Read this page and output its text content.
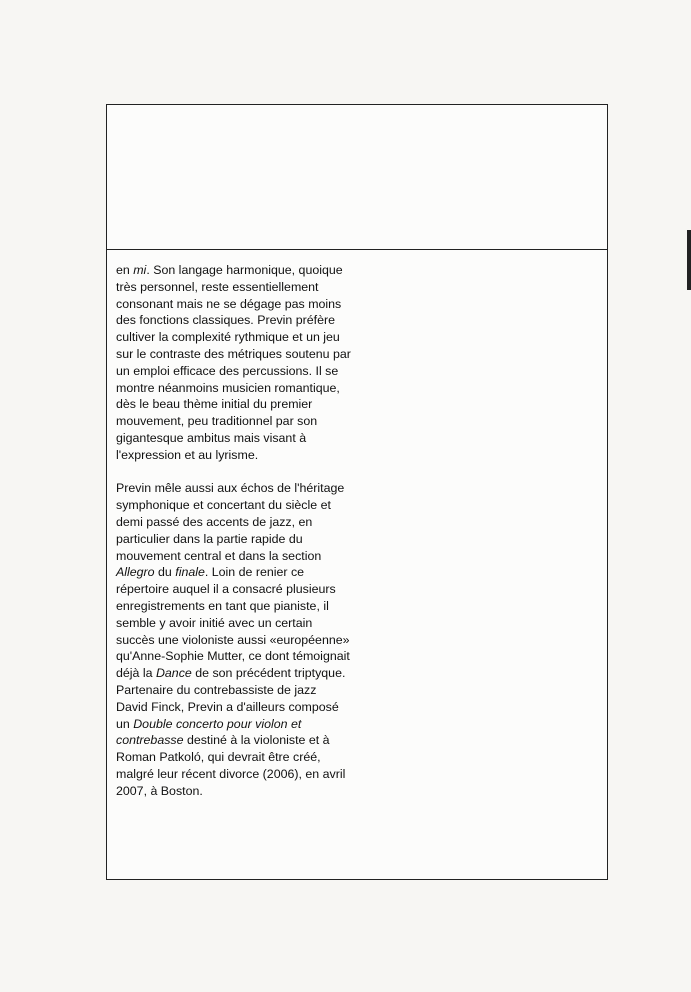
en mi. Son langage harmonique, quoique très personnel, reste essentiellement consonant mais ne se dégage pas moins des fonctions classiques. Previn préfère cultiver la complexité rythmique et un jeu sur le contraste des métriques soutenu par un emploi efficace des percussions. Il se montre néanmoins musicien romantique, dès le beau thème initial du premier mouvement, peu traditionnel par son gigantesque ambitus mais visant à l'expression et au lyrisme.

Previn mêle aussi aux échos de l'héritage symphonique et concertant du siècle et demi passé des accents de jazz, en particulier dans la partie rapide du mouvement central et dans la section Allegro du finale. Loin de renier ce répertoire auquel il a consacré plusieurs enregistrements en tant que pianiste, il semble y avoir initié avec un certain succès une violoniste aussi «européenne» qu'Anne-Sophie Mutter, ce dont témoignait déjà la Dance de son précédent triptyque. Partenaire du contrebassiste de jazz David Finck, Previn a d'ailleurs composé un Double concerto pour violon et contrebasse destiné à la violoniste et à Roman Patkoló, qui devrait être créé, malgré leur récent divorce (2006), en avril 2007, à Boston.
